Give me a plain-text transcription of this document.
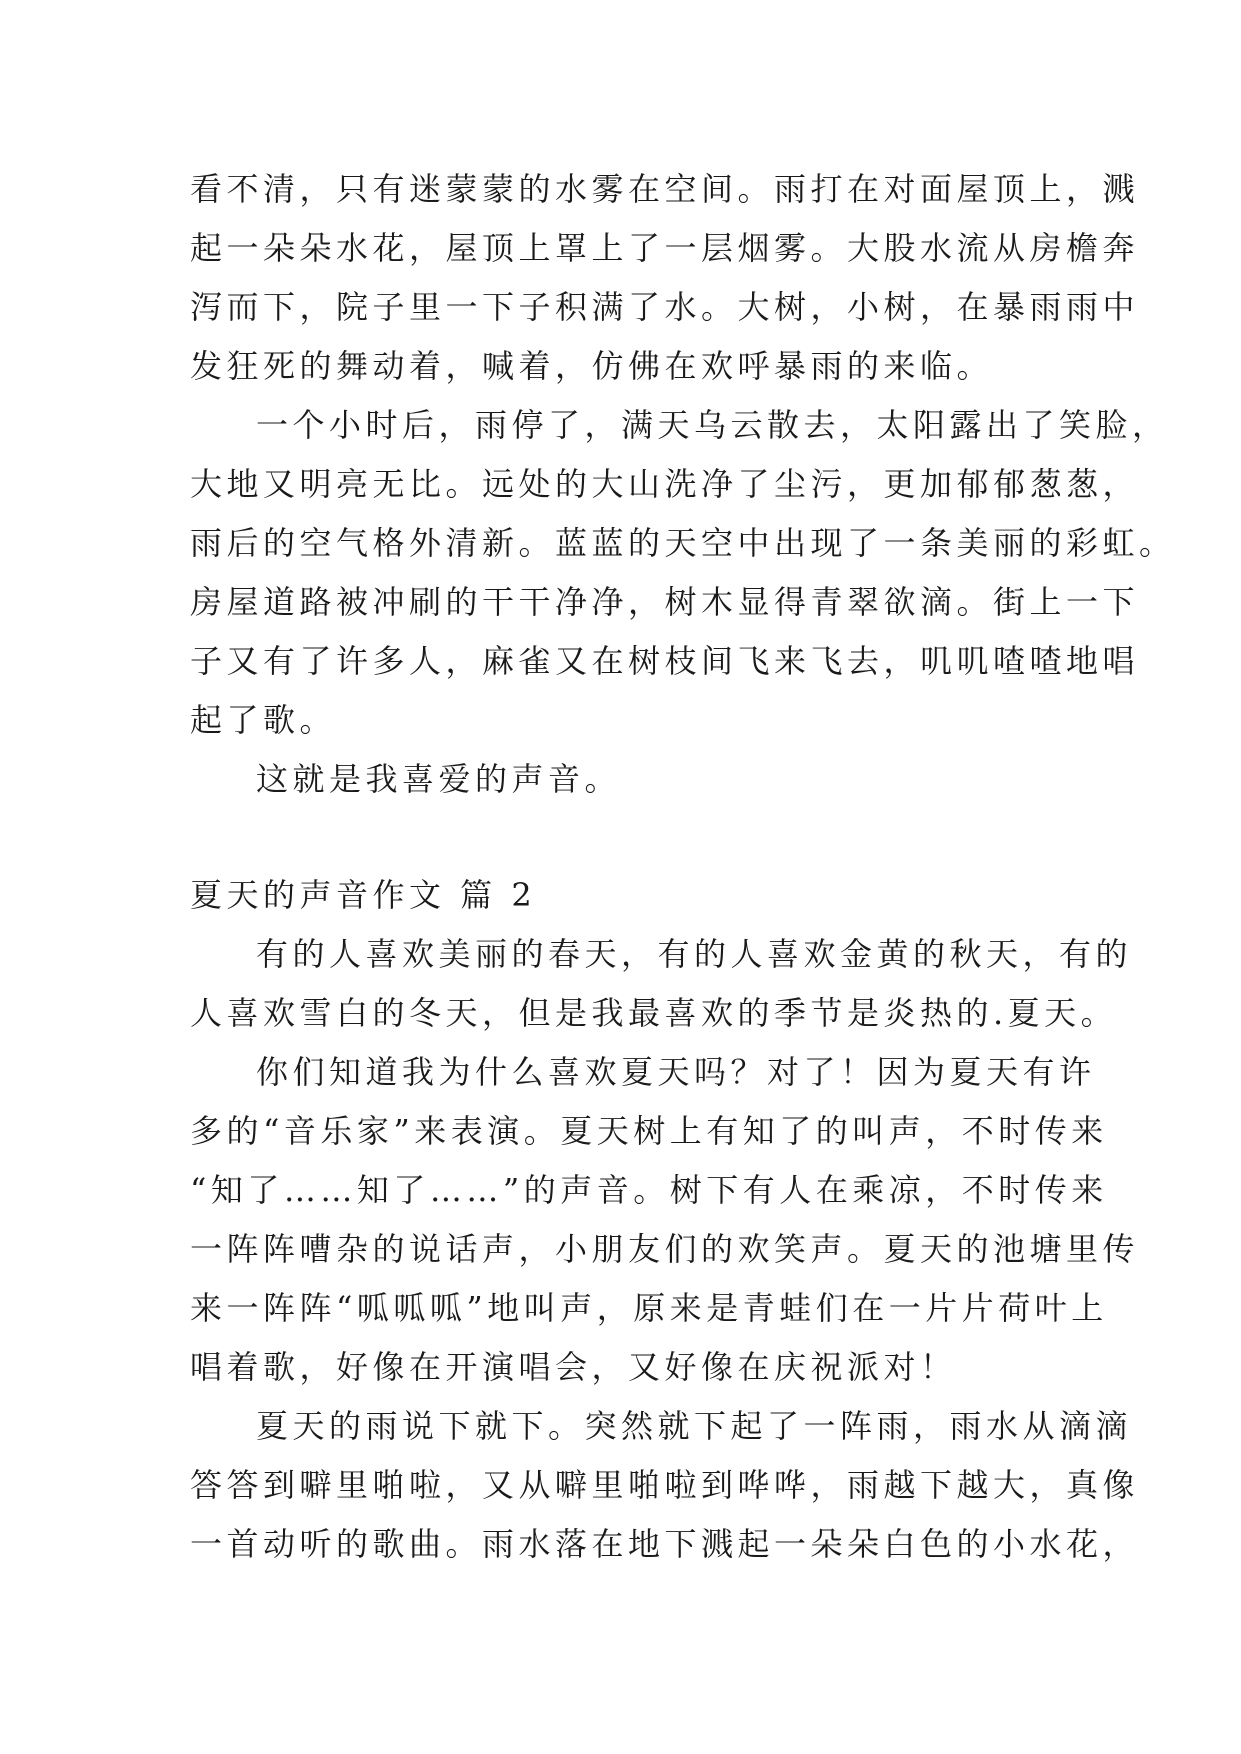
看不清，只有迷蒙蒙的水雾在空间。雨打在对面屋顶上，溅
起一朵朵水花，屋顶上罩上了一层烟雾。大股水流从房檐奔
泻而下，院子里一下子积满了水。大树，小树，在暴雨雨中
发狂死的舞动着，喊着，仿佛在欢呼暴雨的来临。
一个小时后，雨停了，满天乌云散去，太阳露出了笑脸，
大地又明亮无比。远处的大山洗净了尘污，更加郁郁葱葱，
雨后的空气格外清新。蓝蓝的天空中出现了一条美丽的彩虹。
房屋道路被冲刷的干干净净，树木显得青翠欲滴。街上一下
子又有了许多人，麻雀又在树枝间飞来飞去，叽叽喳喳地唱
起了歌。
这就是我喜爱的声音。
夏天的声音作文 篇 2
有的人喜欢美丽的春天，有的人喜欢金黄的秋天，有的
人喜欢雪白的冬天，但是我最喜欢的季节是炎热的.夏天。
你们知道我为什么喜欢夏天吗？对了！因为夏天有许
多的“音乐家”来表演。夏天树上有知了的叫声，不时传来
“知了……知了……”的声音。树下有人在乘凉，不时传来
一阵阵嘈杂的说话声，小朋友们的欢笑声。夏天的池塘里传
来一阵阵“呱呱呱”地叫声，原来是青蛙们在一片片荷叶上
唱着歌，好像在开演唱会，又好像在庆祝派对！
夏天的雨说下就下。突然就下起了一阵雨，雨水从滴滴
答答到噼里啪啦，又从噼里啪啦到哗哗，雨越下越大，真像
一首动听的歌曲。雨水落在地下溅起一朵朵白色的小水花，
